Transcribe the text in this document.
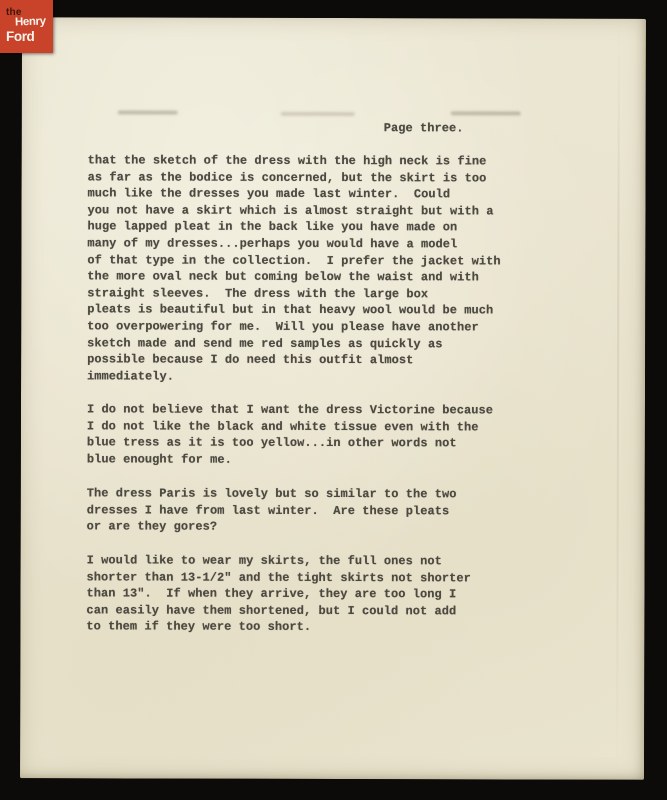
Page three.
that the sketch of the dress with the high neck is fine
as far as the bodice is concerned, but the skirt is too
much like the dresses you made last winter.  Could
you not have a skirt which is almost straight but with a
huge lapped pleat in the back like you have made on
many of my dresses...perhaps you would have a model
of that type in the collection.  I prefer the jacket with
the more oval neck but coming below the waist and with
straight sleeves.  The dress with the large box
pleats is beautiful but in that heavy wool would be much
too overpowering for me.  Will you please have another
sketch made and send me red samples as quickly as
possible because I do need this outfit almost
immediately.
I do not believe that I want the dress Victorine because
I do not like the black and white tissue even with the
blue tress as it is too yellow...in other words not
blue enought for me.
The dress Paris is lovely but so similar to the two
dresses I have from last winter.  Are these pleats
or are they gores?
I would like to wear my skirts, the full ones not
shorter than 13-1/2" and the tight skirts not shorter
than 13".  If when they arrive, they are too long I
can easily have them shortened, but I could not add
to them if they were too short.
the
Henry
Ford
